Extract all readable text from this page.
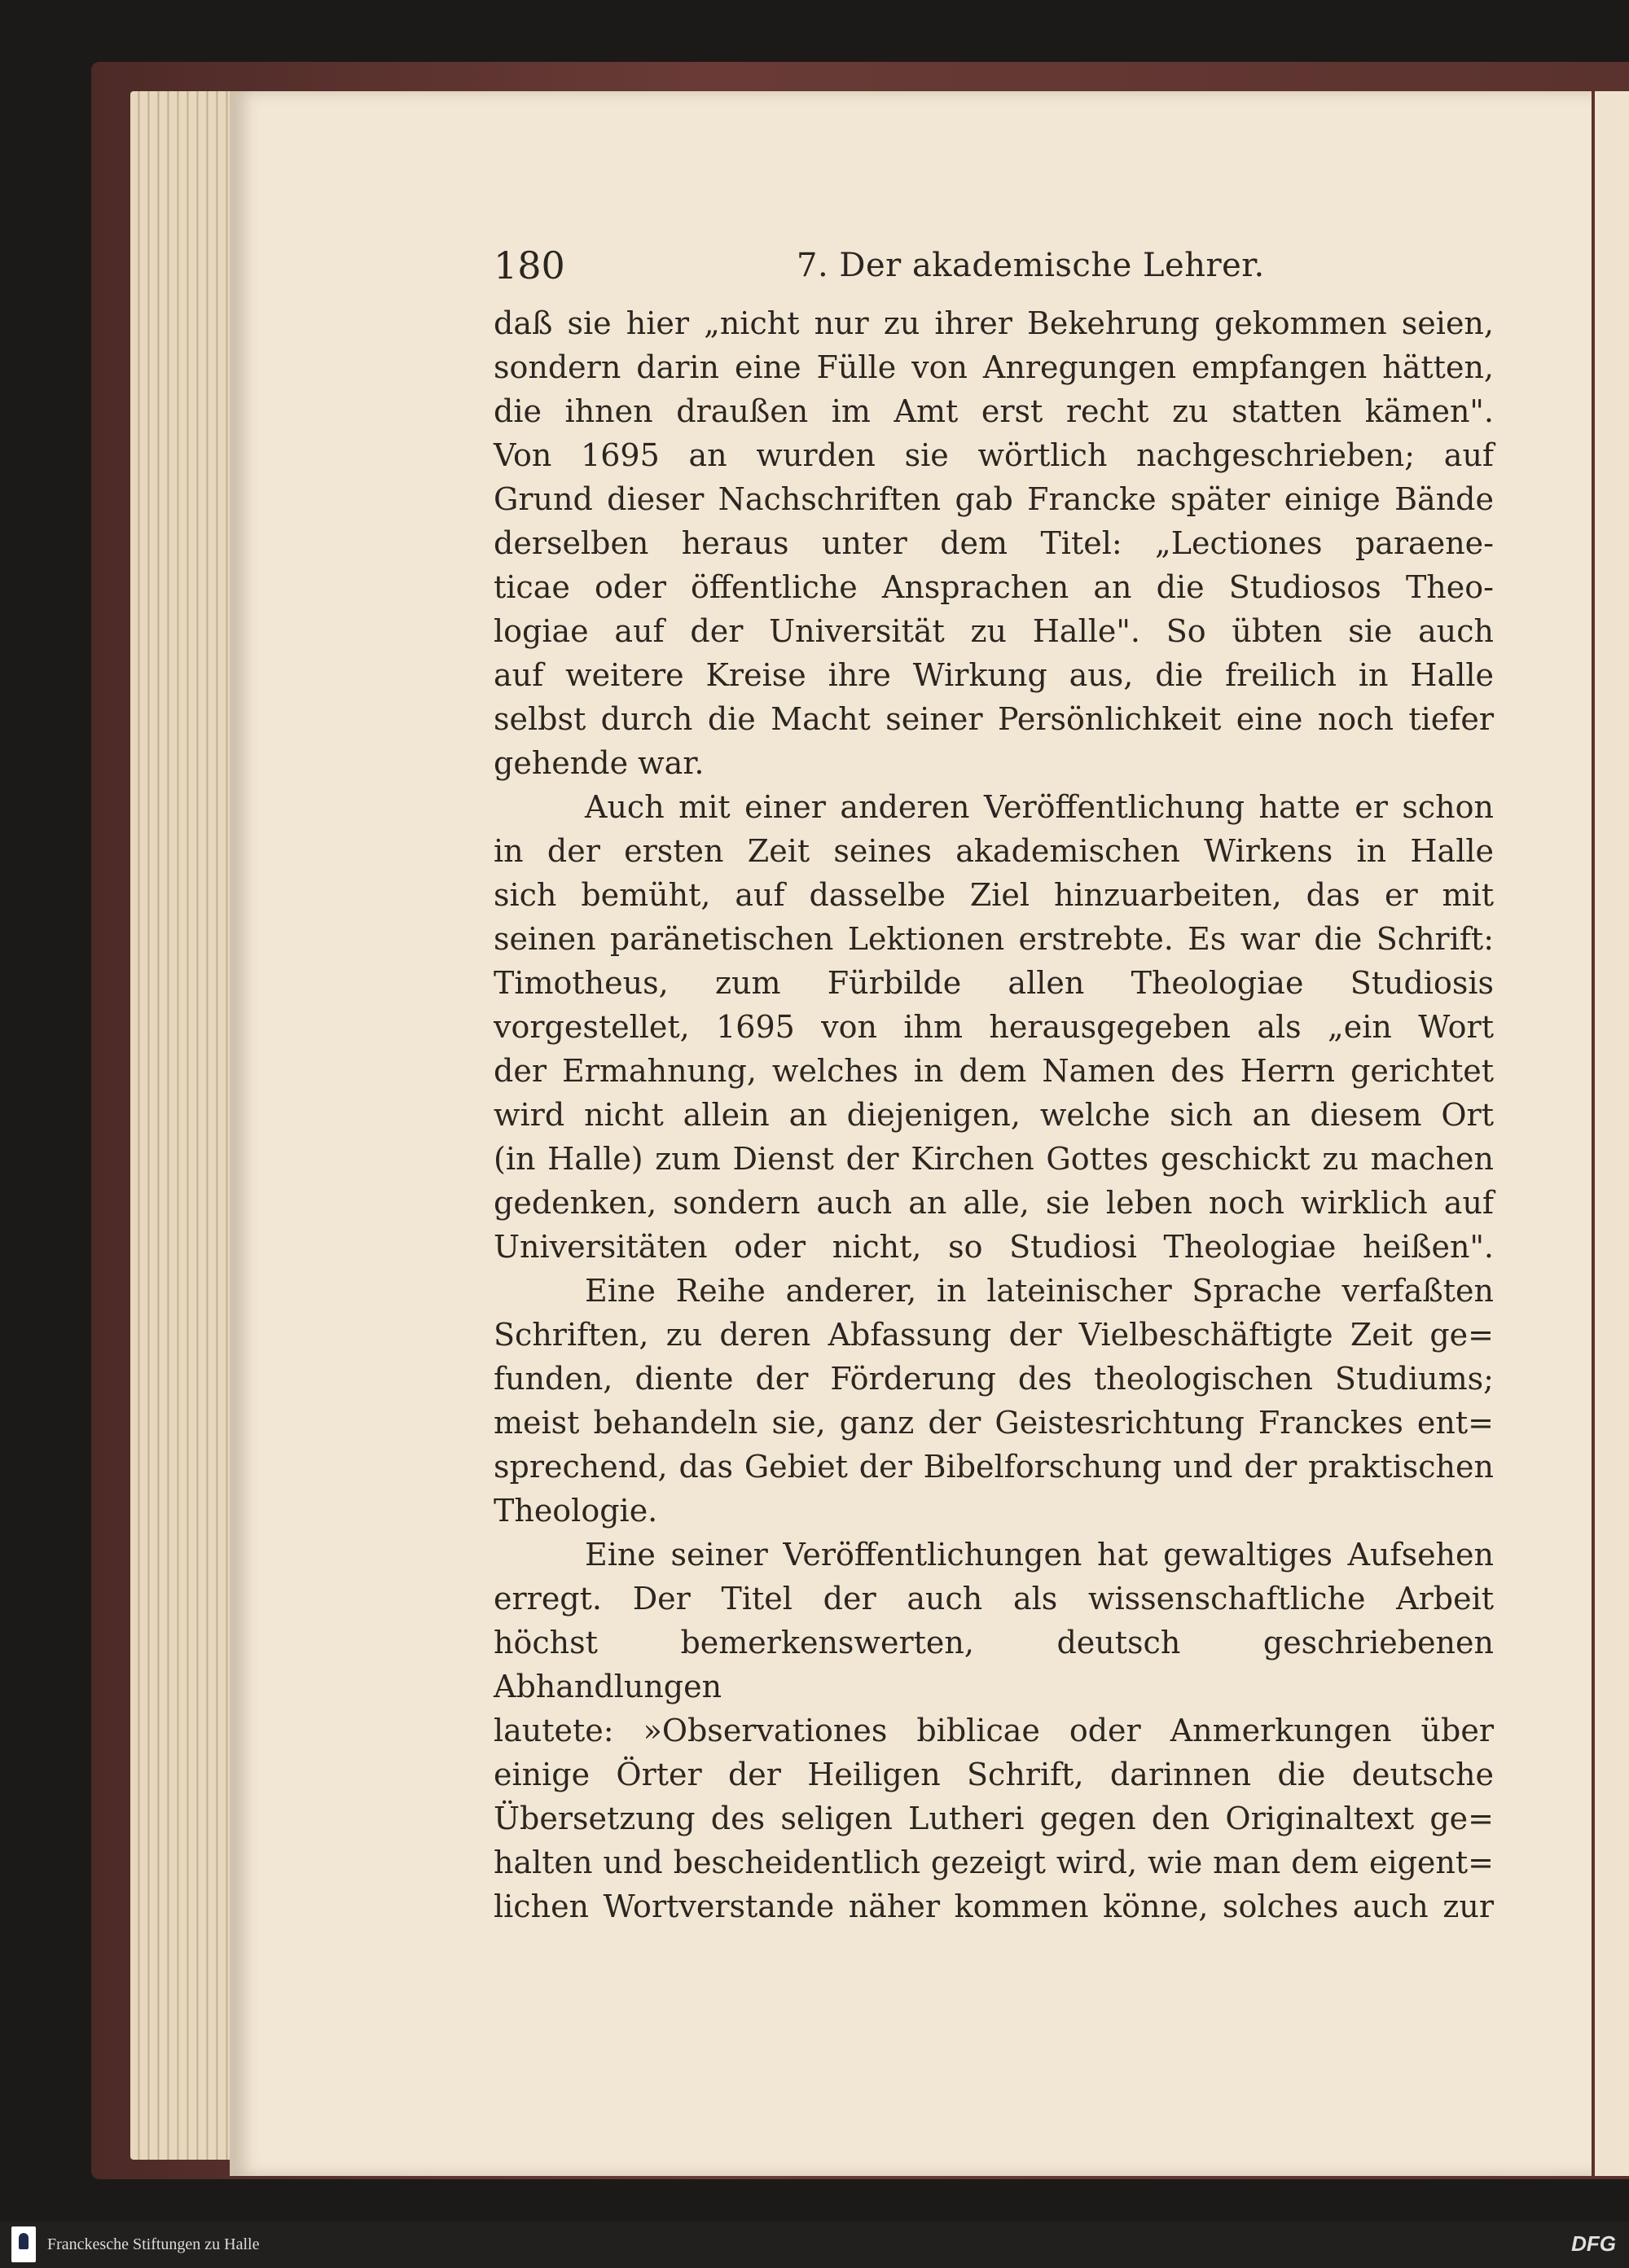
180	7. Der akademische Lehrer.

daß sie hier „nicht nur zu ihrer Bekehrung gekommen seien,

sondern darin eine Fülle von Anregungen empfangen hätten,

die ihnen draußen im Amt erst recht zu statten kämen".

Von 1695 an wurden sie wörtlich nachgeschrieben; auf

Grund dieser Nachschriften gab Francke später einige Bände

derselben heraus unter dem Titel: „Lectiones paraene-

ticae oder öffentliche Ansprachen an die Studiosos Theo-

logiae auf der Universität zu Halle". So übten sie auch

auf weitere Kreise ihre Wirkung aus, die freilich in Halle

selbst durch die Macht seiner Persönlichkeit eine noch tiefer

gehende war.

Auch mit einer anderen Veröffentlichung hatte er schon

in der ersten Zeit seines akademischen Wirkens in Halle

sich bemüht, auf dasselbe Ziel hinzuarbeiten, das er mit

seinen paränetischen Lektionen erstrebte. Es war die Schrift:

Timotheus, zum Fürbilde allen Theologiae Studiosis

vorgestellet, 1695 von ihm herausgegeben als „ein Wort

der Ermahnung, welches in dem Namen des Herrn gerichtet

wird nicht allein an diejenigen, welche sich an diesem Ort

(in Halle) zum Dienst der Kirchen Gottes geschickt zu machen

gedenken, sondern auch an alle, sie leben noch wirklich auf

Universitäten oder nicht, so Studiosi Theologiae heißen".

Eine Reihe anderer, in lateinischer Sprache verfaßten

Schriften, zu deren Abfassung der Vielbeschäftigte Zeit ge=

funden, diente der Förderung des theologischen Studiums;

meist behandeln sie, ganz der Geistesrichtung Franckes ent=

sprechend, das Gebiet der Bibelforschung und der praktischen

Theologie.

Eine seiner Veröffentlichungen hat gewaltiges Aufsehen

erregt. Der Titel der auch als wissenschaftliche Arbeit

höchst bemerkenswerten, deutsch geschriebenen Abhandlungen

lautete: »Observationes biblicae oder Anmerkungen über

einige Örter der Heiligen Schrift, darinnen die deutsche

Übersetzung des seligen Lutheri gegen den Originaltext ge=

halten und bescheidentlich gezeigt wird, wie man dem eigent=

lichen Wortverstande näher kommen könne, solches auch zur

Franckesche Stiftungen zu Halle	DFG
